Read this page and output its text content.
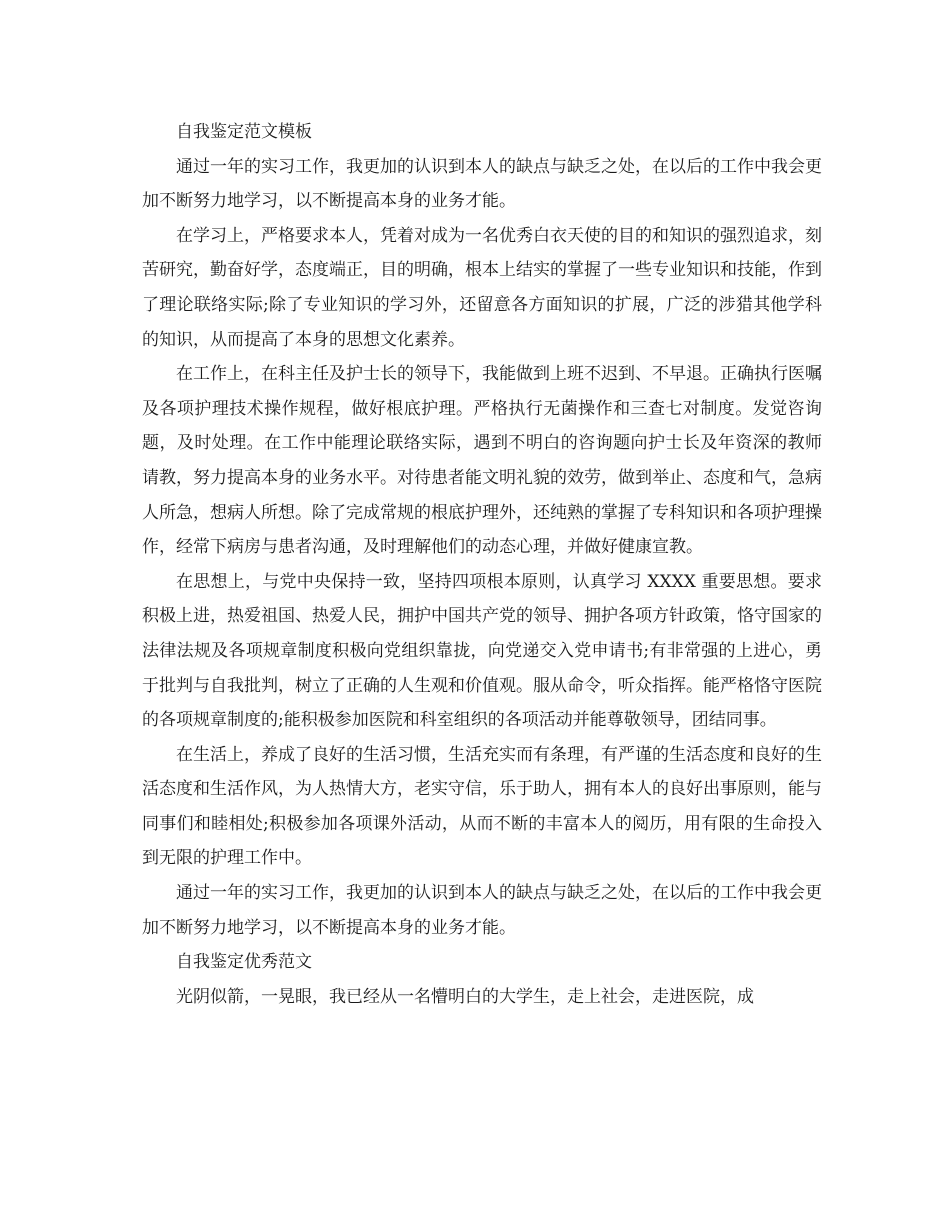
自我鉴定范文模板

通过一年的实习工作，我更加的认识到本人的缺点与缺乏之处，在以后的工作中我会更加不断努力地学习，以不断提高本身的业务才能。

在学习上，严格要求本人，凭着对成为一名优秀白衣天使的目的和知识的强烈追求，刻苦研究，勤奋好学，态度端正，目的明确，根本上结实的掌握了一些专业知识和技能，作到了理论联络实际;除了专业知识的学习外，还留意各方面知识的扩展，广泛的涉猎其他学科的知识，从而提高了本身的思想文化素养。

在工作上，在科主任及护士长的领导下，我能做到上班不迟到、不早退。正确执行医嘱及各项护理技术操作规程，做好根底护理。严格执行无菌操作和三查七对制度。发觉咨询题，及时处理。在工作中能理论联络实际，遇到不明白的咨询题向护士长及年资深的教师 请教，努力提高本身的业务水平。对待患者能文明礼貌的效劳，做到举止、态度和气，急病人所急，想病人所想。除了完成常规的根底护理外，还纯熟的掌握了专科知识和各项护理操作，经常下病房与患者沟通，及时理解他们的动态心理，并做好健康宣教。

在思想上，与党中央保持一致，坚持四项根本原则，认真学习 XXXX 重要思想。要求积极上进，热爱祖国、热爱人民，拥护中国共产党的领导、拥护各项方针政策，恪守国家的法律法规及各项规章制度积极向党组织靠拢，向党递交入党申请书;有非常强的上进心，勇于批判与自我批判，树立了正确的人生观和价值观。服从命令，听众指挥。能严格恪守医院的各项规章制度的;能积极参加医院和科室组织的各项活动并能尊敬领导，团结同事。

在生活上，养成了良好的生活习惯，生活充实而有条理，有严谨的生活态度和良好的生活态度和生活作风，为人热情大方，老实守信，乐于助人，拥有本人的良好出事原则，能与同事们和睦相处;积极参加各项课外活动，从而不断的丰富本人的阅历，用有限的生命投入到无限的护理工作中。

通过一年的实习工作，我更加的认识到本人的缺点与缺乏之处，在以后的工作中我会更加不断努力地学习，以不断提高本身的业务才能。

自我鉴定优秀范文

光阴似箭，一晃眼，我已经从一名懵明白的大学生，走上社会，走进医院，成
